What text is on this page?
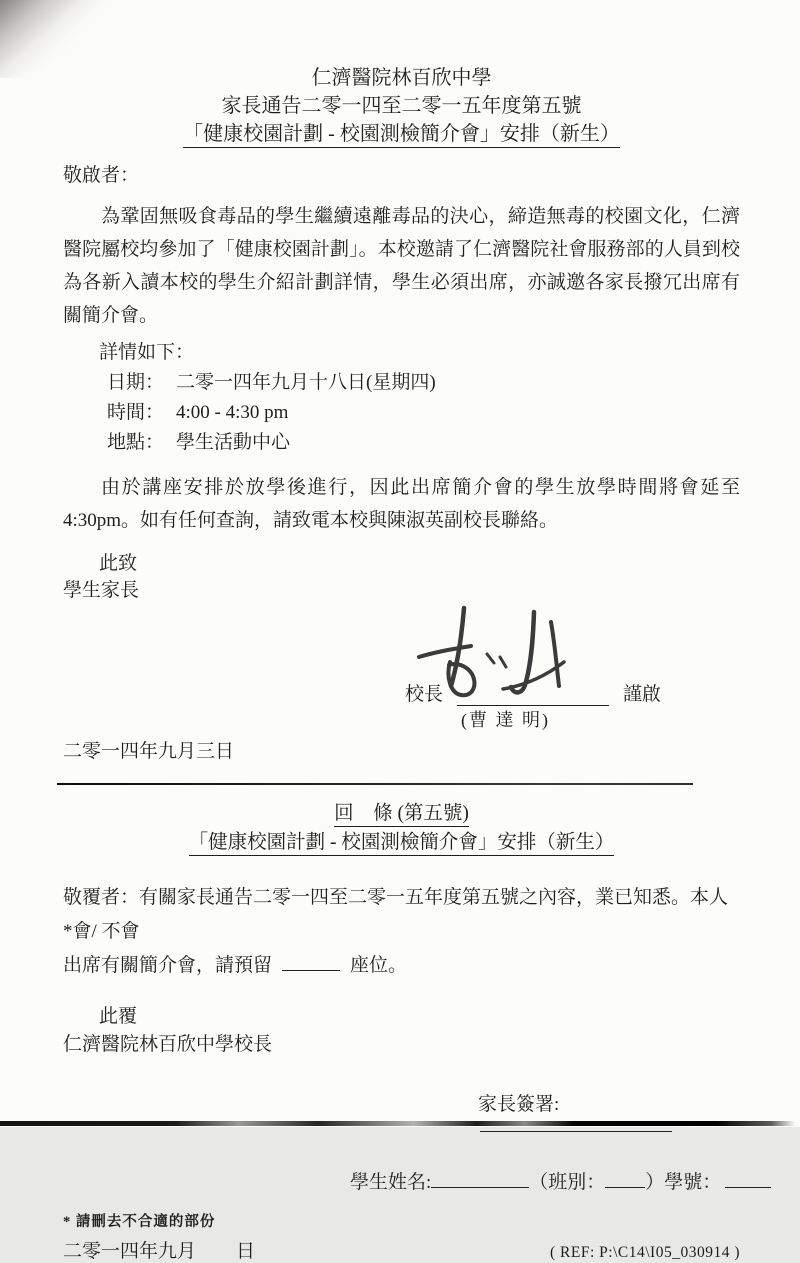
仁濟醫院林百欣中學
家長通告二零一四至二零一五年度第五號
「健康校園計劃 - 校園測檢簡介會」安排（新生）
敬啟者：
為鞏固無吸食毒品的學生繼續遠離毒品的決心，締造無毒的校園文化，仁濟醫院屬校均參加了「健康校園計劃」。本校邀請了仁濟醫院社會服務部的人員到校為各新入讀本校的學生介紹計劃詳情，學生必須出席，亦誠邀各家長撥冗出席有關簡介會。
詳情如下：
日期： 二零一四年九月十八日(星期四)
時間： 4:00 - 4:30 pm
地點： 學生活動中心
由於講座安排於放學後進行，因此出席簡介會的學生放學時間將會延至 4:30pm。如有任何查詢，請致電本校與陳淑英副校長聯絡。
此致
學生家長
校長	謹啟
(曹 達 明)
二零一四年九月三日
回　條 (第五號)
「健康校園計劃 - 校園測檢簡介會」安排（新生）
敬覆者：有關家長通告二零一四至二零一五年度第五號之內容，業已知悉。本人 *會/ 不會
出席有關簡介會，請預留	座位。
此覆
仁濟醫院林百欣中學校長
家長簽署:
學生姓名:	（班別： ）學號：
* 請刪去不合適的部份
二零一四年九月 日	( REF: P:\C14\I05_030914 )
